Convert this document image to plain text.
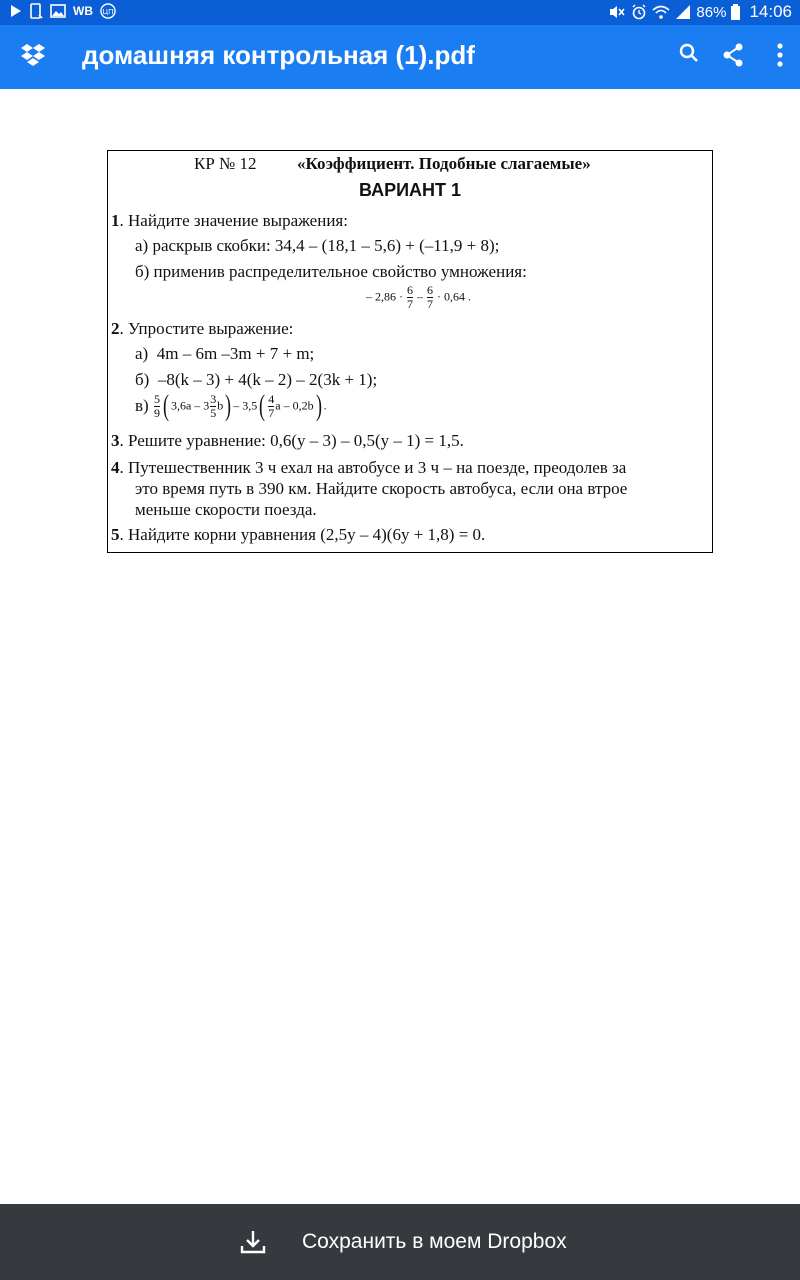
WB ЦП	86% 14:06
домашняя контрольная (1).pdf
КР № 12 «Коэффициент. Подобные слагаемые»
ВАРИАНТ 1
1. Найдите значение выражения:
а) раскрыв скобки: 34,4 – (18,1 – 5,6) + (–11,9 + 8);
б) применив распределительное свойство умножения:
– $2,86 \cdot \frac{6}{7} - \frac{6}{7} \cdot 0,64$ .
2. Упростите выражение:
а) 4m – 6m –3m + 7 + m;
б) –8(k – 3) + 4(k – 2) – 2(3k + 1);
$в) \frac{5}{9}$ ( $3,6a - 3 \frac{3}{5} b) - 3,5( \frac{4}{7}$ a – 0,2b) .
3. Решите уравнение: 0,6(y – 3) – 0,5(y – 1) = 1,5.
4. Путешественник 3 ч ехал на автобусе и 3 ч – на поезде, преодолев за
это время путь в 390 км. Найдите скорость автобуса, если она втрое
меньше скорости поезда.
5. Найдите корни уравнения (2,5y – 4)(6y + 1,8) = 0.
Сохранить в моем Dropbox
